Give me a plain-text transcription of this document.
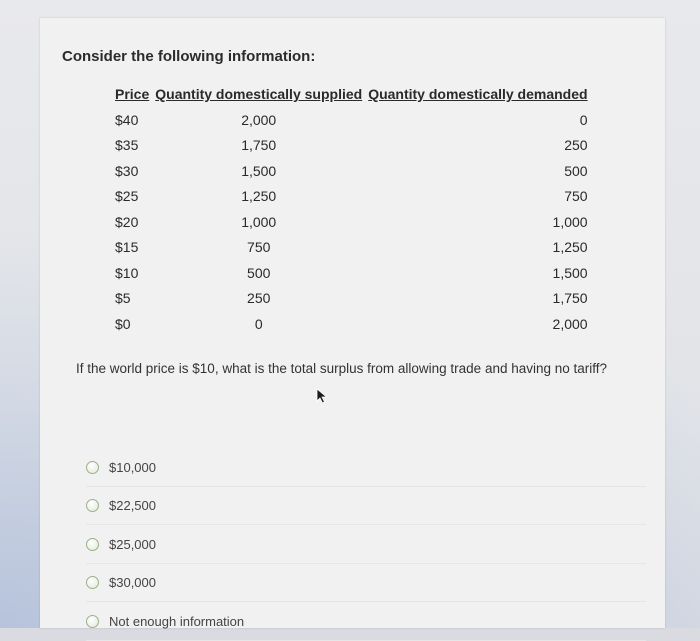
Consider the following information:
Price	Quantity domestically supplied	Quantity domestically demanded
$40	2,000	0
$35	1,750	250
$30	1,500	500
$25	1,250	750
$20	1,000	1,000
$15	750	1,250
$10	500	1,500
$5	250	1,750
$0	0	2,000

If the world price is $10, what is the total surplus from allowing trade and having no tariff?

$10,000
$22,500
$25,000
$30,000
Not enough information
